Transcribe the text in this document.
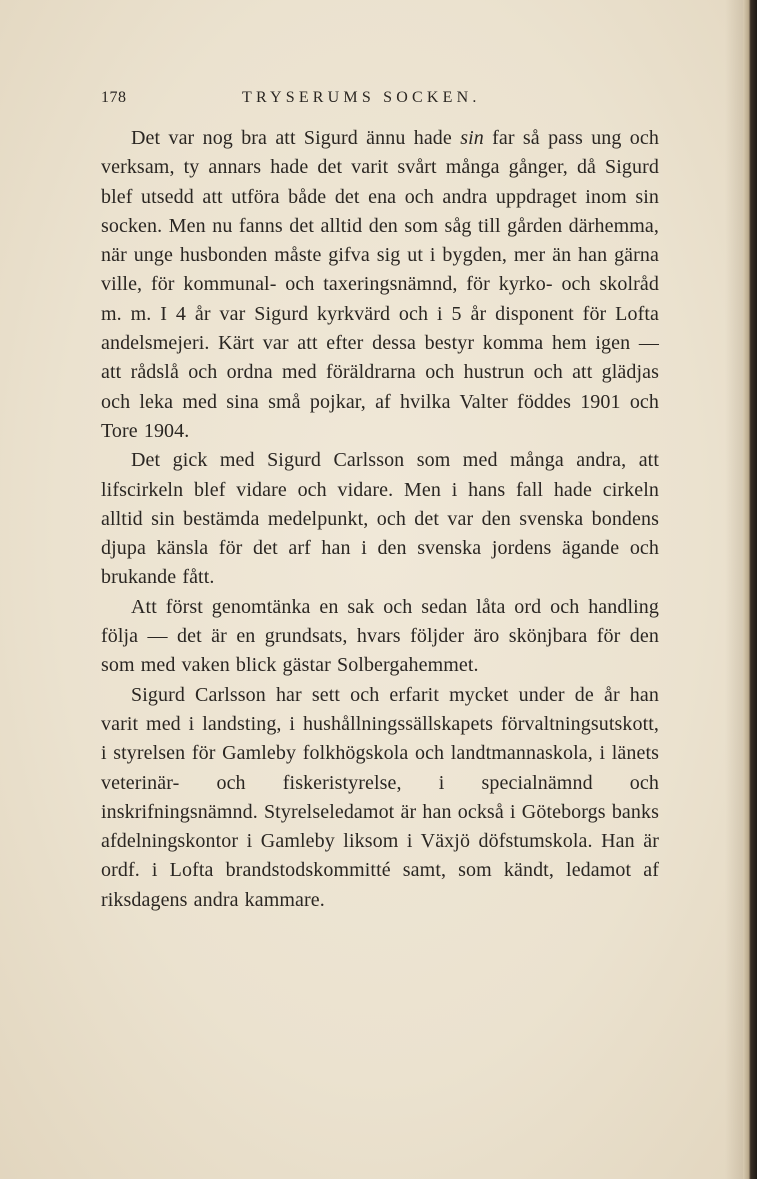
178	TRYSERUMS SOCKEN.

Det var nog bra att Sigurd ännu hade sin far så pass ung och verksam, ty annars hade det varit svårt många gånger, då Sigurd blef utsedd att utföra både det ena och andra uppdraget inom sin socken. Men nu fanns det alltid den som såg till gården därhemma, när unge husbonden måste gifva sig ut i bygden, mer än han gärna ville, för kommunal- och taxeringsnämnd, för kyrko- och skolråd m. m. I 4 år var Sigurd kyrkvärd och i 5 år disponent för Lofta andelsmejeri. Kärt var att efter dessa bestyr komma hem igen — att rådslå och ordna med föräldrarna och hustrun och att glädjas och leka med sina små pojkar, af hvilka Valter föddes 1901 och Tore 1904.

Det gick med Sigurd Carlsson som med många andra, att lifscirkeln blef vidare och vidare. Men i hans fall hade cirkeln alltid sin bestämda medelpunkt, och det var den svenska bondens djupa känsla för det arf han i den svenska jordens ägande och brukande fått.

Att först genomtänka en sak och sedan låta ord och handling följa — det är en grundsats, hvars följder äro skönjbara för den som med vaken blick gästar Solbergahemmet.

Sigurd Carlsson har sett och erfarit mycket under de år han varit med i landsting, i hushållningssällskapets förvaltningsutskott, i styrelsen för Gamleby folkhögskola och landtmannaskola, i länets veterinär- och fiskeristyrelse, i specialnämnd och inskrifningsnämnd. Styrelseledamot är han också i Göteborgs banks afdelningskontor i Gamleby liksom i Växjö döfstumskola. Han är ordf. i Lofta brandstodskommitté samt, som kändt, ledamot af riksdagens andra kammare.
